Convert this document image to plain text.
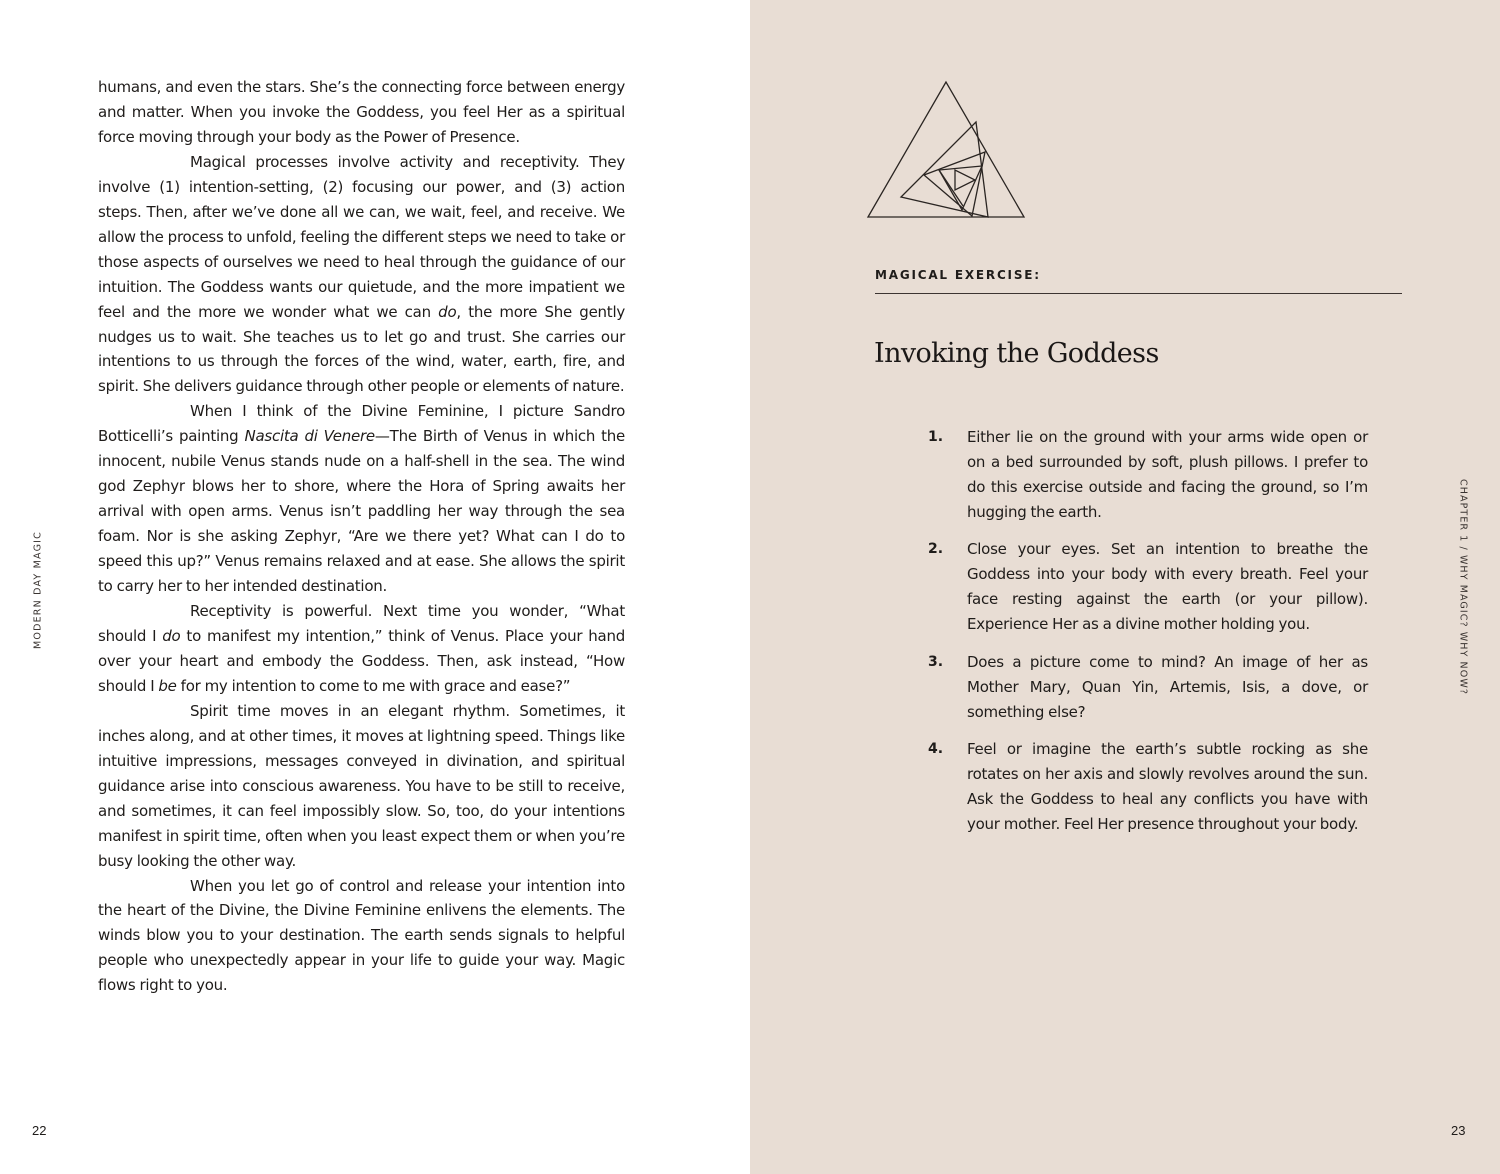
humans, and even the stars. She’s the connecting force between energy and matter. When you invoke the Goddess, you feel Her as a spiritual force moving through your body as the Power of Presence.

Magical processes involve activity and receptivity. They involve (1) intention-setting, (2) focusing our power, and (3) action steps. Then, after we’ve done all we can, we wait, feel, and receive. We allow the process to unfold, feeling the different steps we need to take or those aspects of ourselves we need to heal through the guidance of our intuition. The Goddess wants our quietude, and the more impatient we feel and the more we wonder what we can do, the more She gently nudges us to wait. She teaches us to let go and trust. She carries our intentions to us through the forces of the wind, water, earth, fire, and spirit. She delivers guidance through other people or elements of nature.

When I think of the Divine Feminine, I picture Sandro Botticelli’s painting Nascita di Venere—The Birth of Venus in which the innocent, nubile Venus stands nude on a half-shell in the sea. The wind god Zephyr blows her to shore, where the Hora of Spring awaits her arrival with open arms. Venus isn’t paddling her way through the sea foam. Nor is she asking Zephyr, “Are we there yet? What can I do to speed this up?” Venus remains relaxed and at ease. She allows the spirit to carry her to her intended destination.

Receptivity is powerful. Next time you wonder, “What should I do to manifest my intention,” think of Venus. Place your hand over your heart and embody the Goddess. Then, ask instead, “How should I be for my intention to come to me with grace and ease?”

Spirit time moves in an elegant rhythm. Sometimes, it inches along, and at other times, it moves at lightning speed. Things like intuitive impressions, messages conveyed in divination, and spiritual guidance arise into conscious awareness. You have to be still to receive, and sometimes, it can feel impossibly slow. So, too, do your intentions manifest in spirit time, often when you least expect them or when you’re busy looking the other way.

When you let go of control and release your intention into the heart of the Divine, the Divine Feminine enlivens the elements. The winds blow you to your destination. The earth sends signals to helpful people who unexpectedly appear in your life to guide your way. Magic flows right to you.

MODERN DAY MAGIC
22
MAGICAL EXERCISE:
Invoking the Goddess
1.	Either lie on the ground with your arms wide open or on a bed surrounded by soft, plush pillows. I prefer to do this exercise outside and facing the ground, so I’m hugging the earth.
2.	Close your eyes. Set an intention to breathe the Goddess into your body with every breath. Feel your face resting against the earth (or your pillow). Experience Her as a divine mother holding you.
3.	Does a picture come to mind? An image of her as Mother Mary, Quan Yin, Artemis, Isis, a dove, or something else?
4.	Feel or imagine the earth’s subtle rocking as she rotates on her axis and slowly revolves around the sun. Ask the Goddess to heal any conflicts you have with your mother. Feel Her presence throughout your body.
CHAPTER 1 / WHY MAGIC? WHY NOW?
23
